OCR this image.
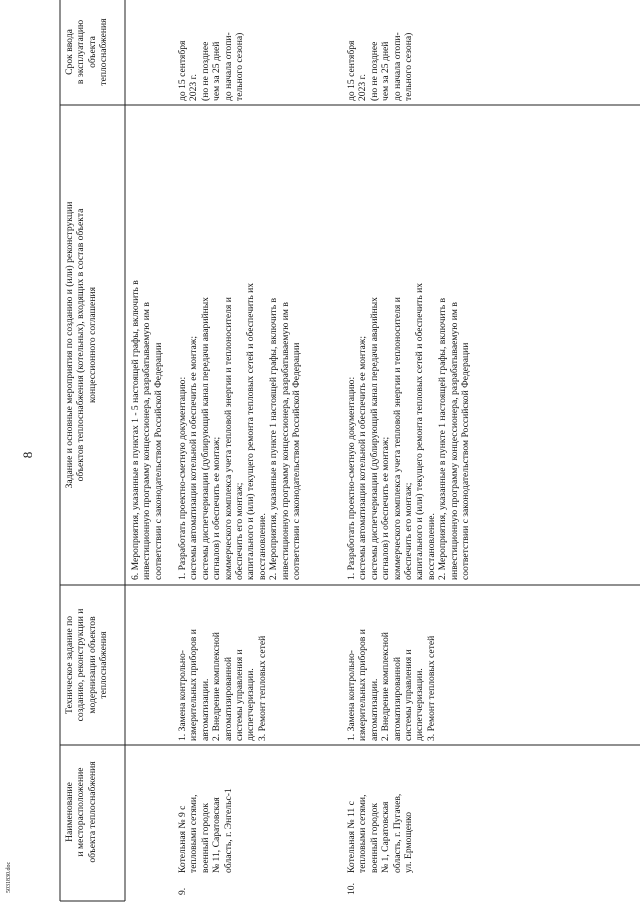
8
5031830.doc
Наименование и месторасположение объекта теплоснабжения
Техническое задание по созданию, реконструкции и модернизации объектов теплоснабжения
Задание и основные мероприятия по созданию и (или) реконструкции объектов теплоснабжения (котельных), входящих в состав объекта концессионного соглашения
Срок ввода в эксплуатацию объекта теплоснабжения
6. Мероприятия, указанные в пунктах 1 - 5 настоящей графы, включить в инвестиционную программу концессионера, разрабатываемую им в соответствии с законодательством Российской Федерации
9.
Котельная № 9 с тепловыми сетями, военный городок № 11, Саратовская область, г. Энгельс-1
1. Замена контрольно- измерительных приборов и автоматизации. 2. Внедрение комплексной автоматизированной системы управления и диспетчеризации. 3. Ремонт тепловых сетей
1. Разработать проектно-сметную документацию: системы автоматизации котельной и обеспечить ее монтаж; системы диспетчеризации (дублирующий канал передачи аварийных сигналов) и обеспечить ее монтаж; коммерческого комплекса учета тепловой энергии и теплоносителя и обеспечить его монтаж; капитального и (или) текущего ремонта тепловых сетей и обеспечить их восстановление. 2. Мероприятия, указанные в пункте 1 настоящей графы, включить в инвестиционную программу концессионера, разрабатываемую им в соответствии с законодательством Российской Федерации
до 15 сентября 2023 г. (но не позднее чем за 25 дней до начала отопи- тельного сезона)
10.
Котельная № 11 с тепловыми сетями, военный городок № 1, Саратовская область, г. Пугачев, ул. Ермощенко
1. Замена контрольно- измерительных приборов и автоматизации. 2. Внедрение комплексной автоматизированной системы управления и диспетчеризации. 3. Ремонт тепловых сетей
1. Разработать проектно-сметную документацию: системы автоматизации котельной и обеспечить ее монтаж; системы диспетчеризации (дублирующий канал передачи аварийных сигналов) и обеспечить ее монтаж; коммерческого комплекса учета тепловой энергии и теплоносителя и обеспечить его монтаж; капитального и (или) текущего ремонта тепловых сетей и обеспечить их восстановление. 2. Мероприятия, указанные в пункте 1 настоящей графы, включить в инвестиционную программу концессионера, разрабатываемую им в соответствии с законодательством Российской Федерации
до 15 сентября 2023 г. (но не позднее чем за 25 дней до начала отопи- тельного сезона)
